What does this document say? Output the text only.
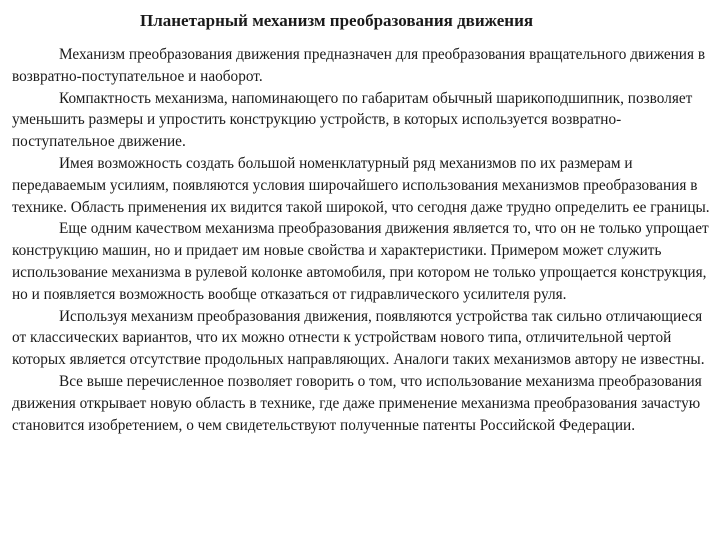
Планетарный механизм преобразования движения

Механизм преобразования движения предназначен для преобразования вращательного движения в возвратно-поступательное и наоборот.

Компактность механизма, напоминающего по габаритам обычный шарикоподшипник, позволяет уменьшить размеры и упростить конструкцию устройств, в которых используется возвратно-поступательное движение.

Имея возможность создать большой номенклатурный ряд механизмов по их размерам и передаваемым усилиям, появляются условия широчайшего использования механизмов преобразования в технике. Область применения их видится такой широкой, что сегодня даже трудно определить ее границы.

Еще одним качеством механизма преобразования движения является то, что он не только упрощает конструкцию машин, но и придает им новые свойства и характеристики. Примером может служить использование механизма в рулевой колонке автомобиля, при котором не только упрощается конструкция, но и появляется возможность вообще отказаться от гидравлического усилителя руля.

Используя механизм преобразования движения, появляются устройства так сильно отличающиеся от классических вариантов, что их можно отнести к устройствам нового типа, отличительной чертой которых является отсутствие продольных направляющих. Аналоги таких механизмов автору не известны.

Все выше перечисленное позволяет говорить о том, что использование механизма преобразования движения открывает новую область в технике, где даже применение механизма преобразования зачастую становится изобретением, о чем свидетельствуют полученные патенты Российской Федерации.
